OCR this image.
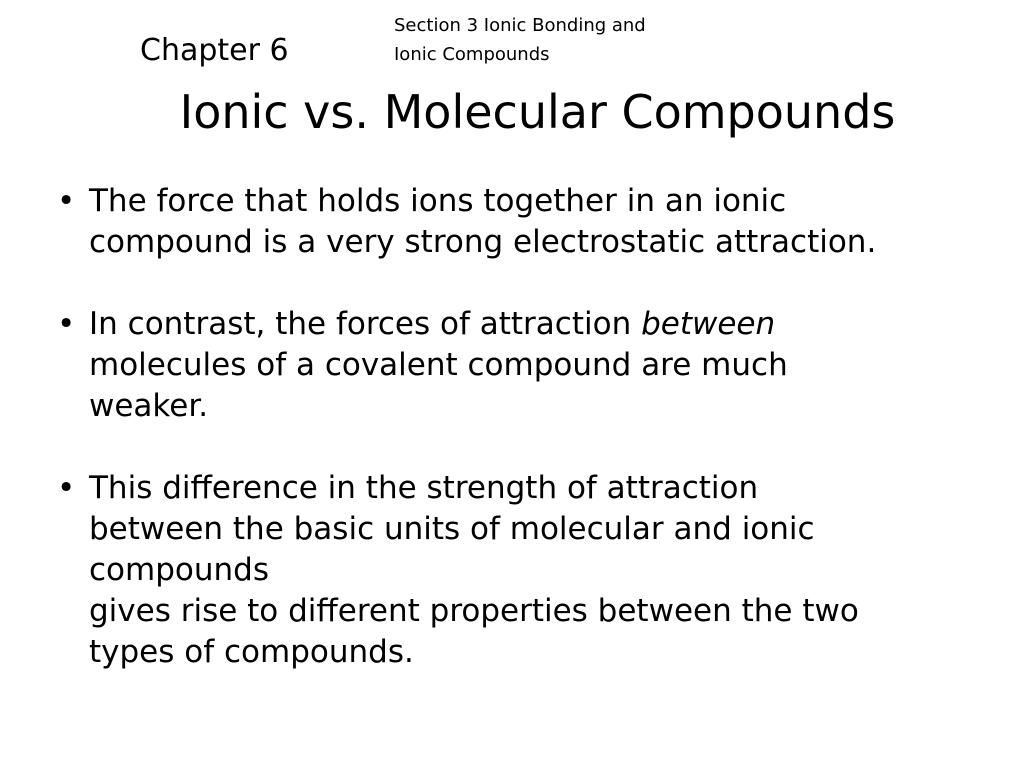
Chapter 6
Section 3 Ionic Bonding and
Ionic Compounds
Ionic vs. Molecular Compounds
• The force that holds ions together in an ionic
compound is a very strong electrostatic attraction.
• In contrast, the forces of attraction between
molecules of a covalent compound are much
weaker.
• This difference in the strength of attraction
between the basic units of molecular and ionic
compounds
gives rise to different properties between the two
types of compounds.
